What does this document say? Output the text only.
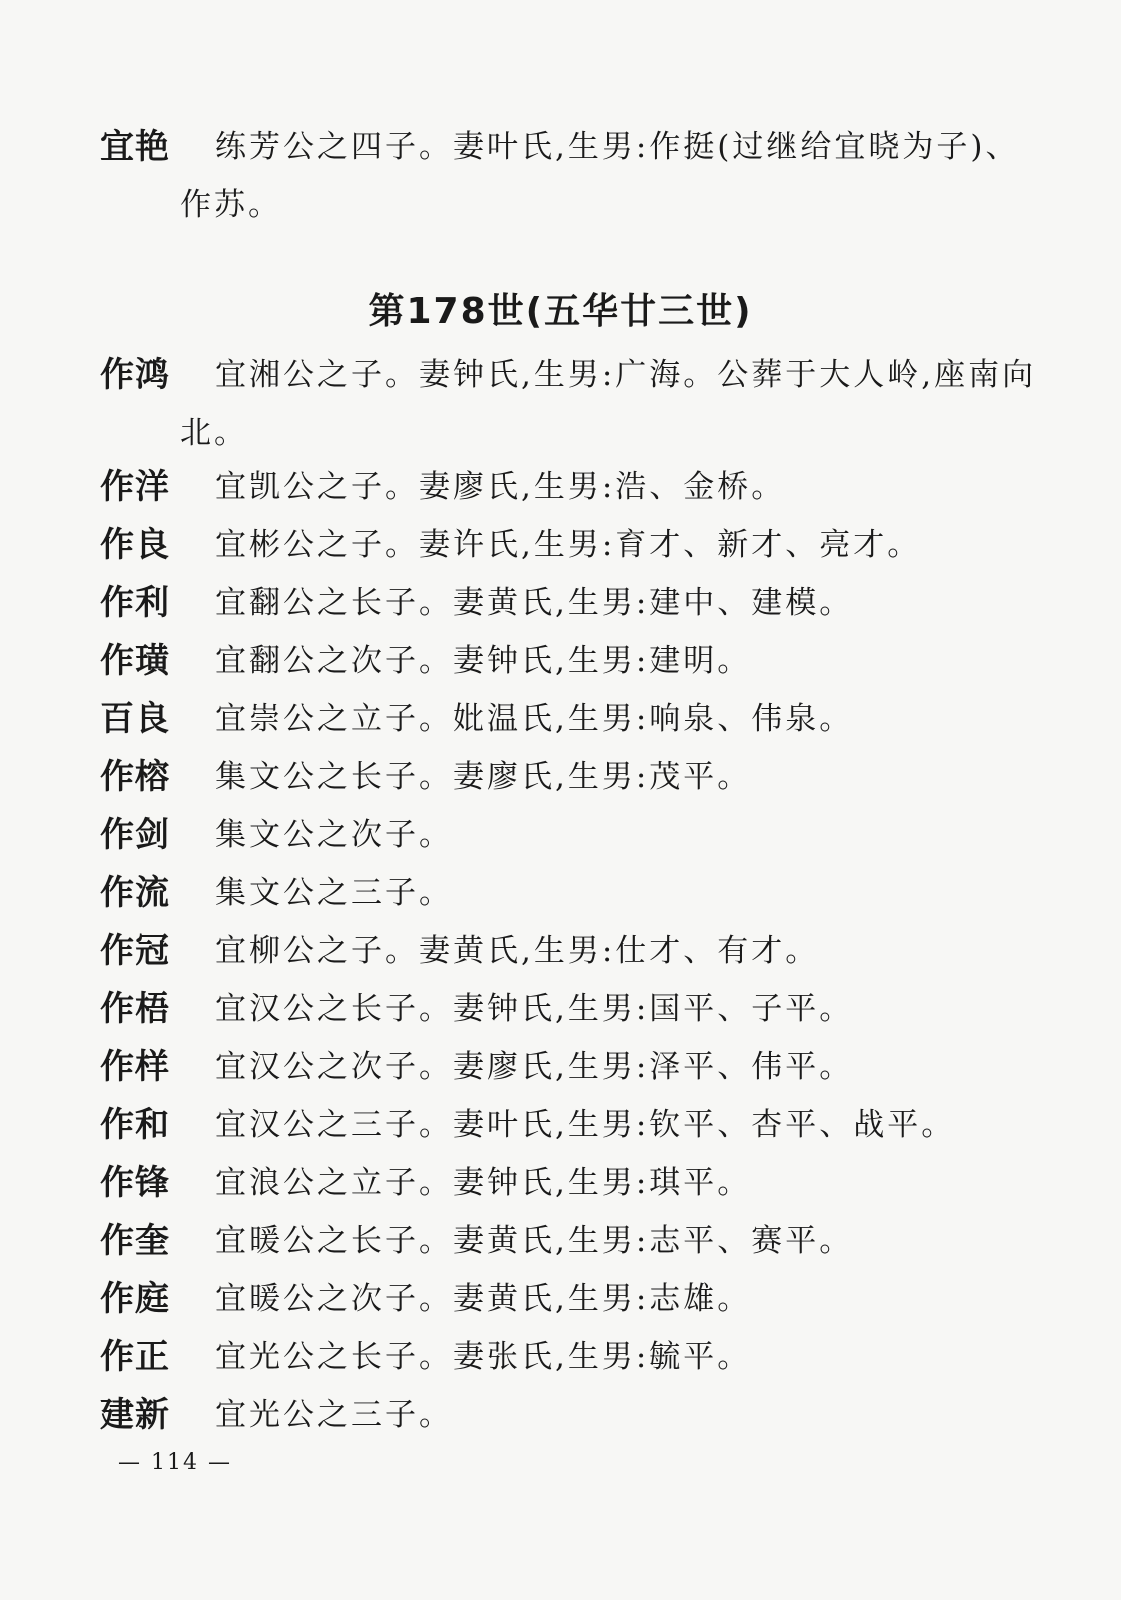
宜艳	练芳公之四子。妻叶氏,生男:作挺(过继给宜晓为子)、作苏。
第178世(五华廿三世)
作鸿	宜湘公之子。妻钟氏,生男:广海。公葬于大人岭,座南向北。
作洋	宜凯公之子。妻廖氏,生男:浩、金桥。
作良	宜彬公之子。妻许氏,生男:育才、新才、亮才。
作利	宜翻公之长子。妻黄氏,生男:建中、建模。
作璜	宜翻公之次子。妻钟氏,生男:建明。
百良	宜崇公之立子。妣温氏,生男:响泉、伟泉。
作榕	集文公之长子。妻廖氏,生男:茂平。
作剑	集文公之次子。
作流	集文公之三子。
作冠	宜柳公之子。妻黄氏,生男:仕才、有才。
作梧	宜汉公之长子。妻钟氏,生男:国平、子平。
作样	宜汉公之次子。妻廖氏,生男:泽平、伟平。
作和	宜汉公之三子。妻叶氏,生男:钦平、杏平、战平。
作锋	宜浪公之立子。妻钟氏,生男:琪平。
作奎	宜暖公之长子。妻黄氏,生男:志平、赛平。
作庭	宜暖公之次子。妻黄氏,生男:志雄。
作正	宜光公之长子。妻张氏,生男:毓平。
建新	宜光公之三子。
— 114 —
